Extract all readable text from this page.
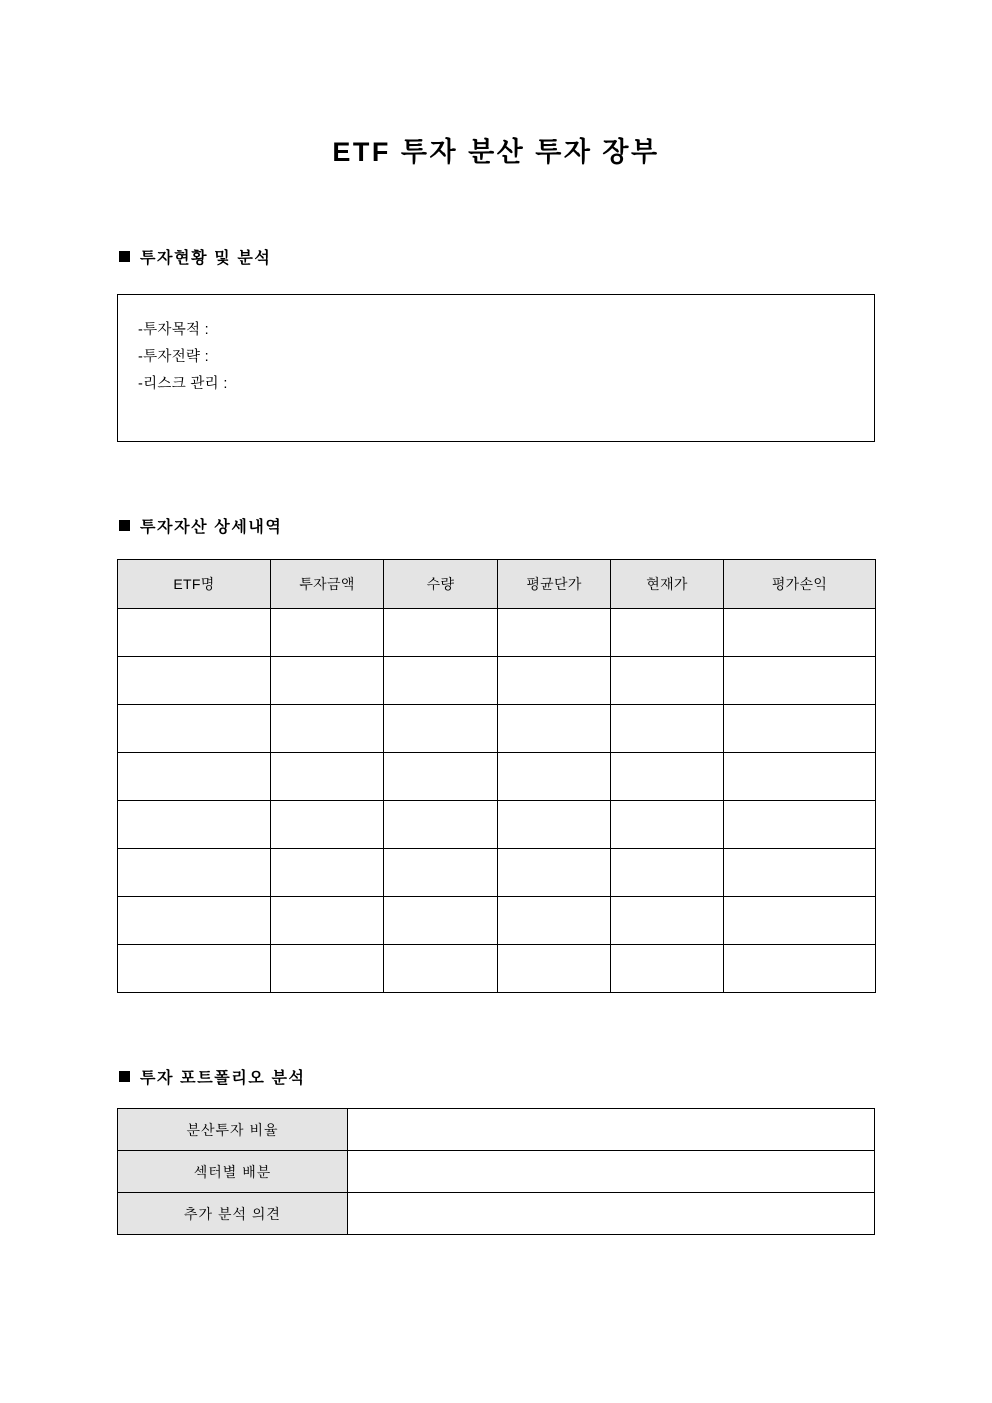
ETF 투자 분산 투자 장부
투자현황 및 분석
-투자목적 :
-투자전략 :
-리스크 관리 :
투자자산 상세내역
ETF명	투자금액	수량	평균단가	현재가	평가손익

투자 포트폴리오 분석
분산투자 비율	
섹터별 배분	
추가 분석 의견	
